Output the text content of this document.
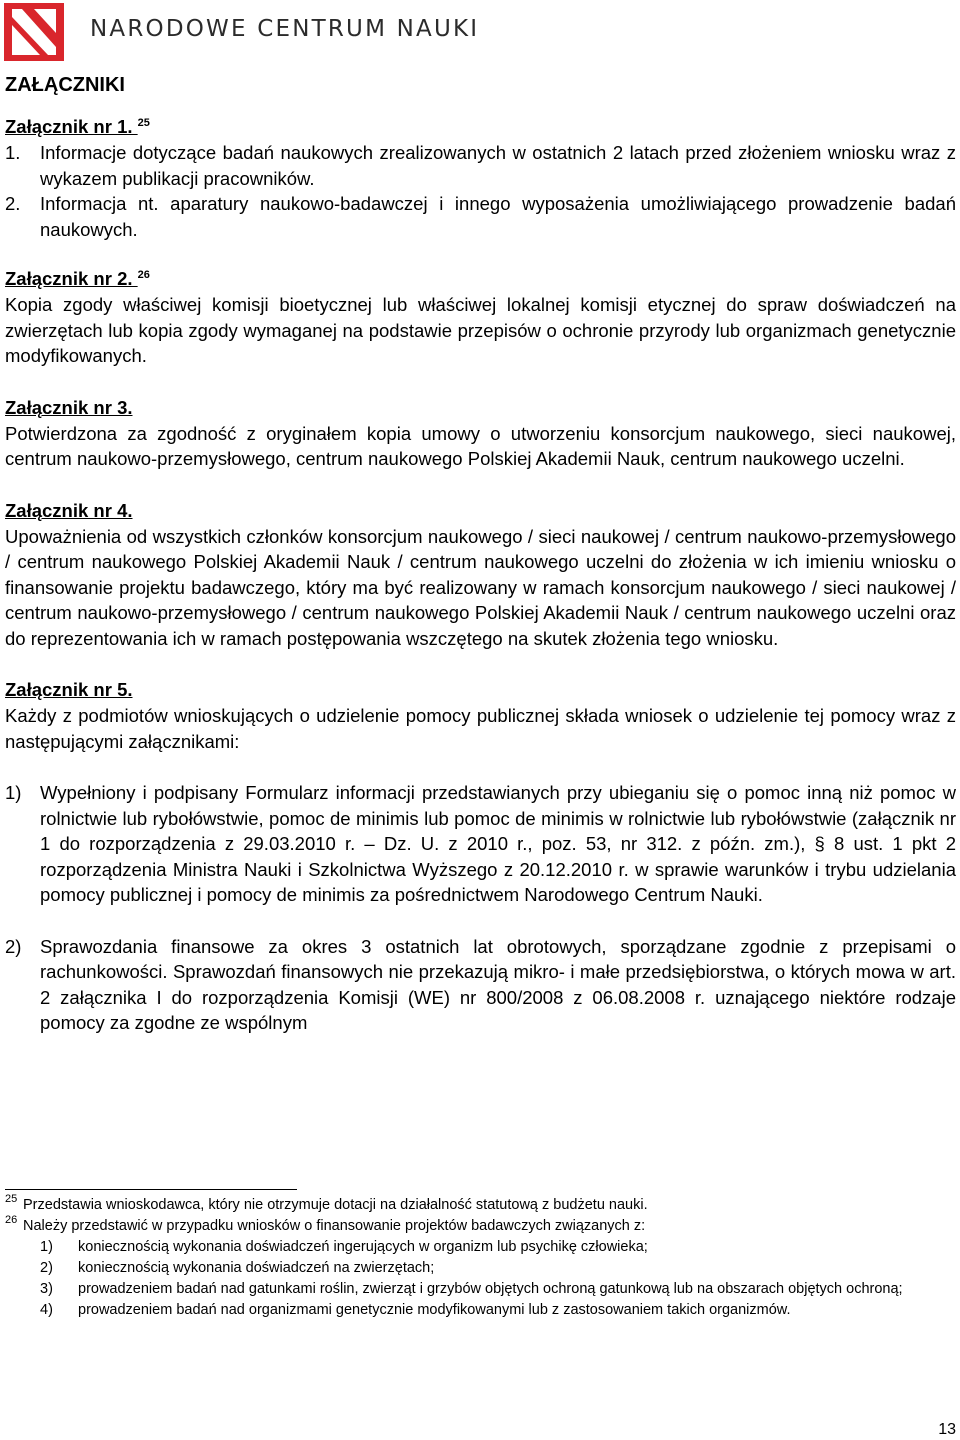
NARODOWE CENTRUM NAUKI
ZAŁĄCZNIKI
Załącznik nr 1. $^{25}$
1. Informacje dotyczące badań naukowych zrealizowanych w ostatnich 2 latach przed złożeniem wniosku wraz z wykazem publikacji pracowników.
2. Informacja nt. aparatury naukowo-badawczej i innego wyposażenia umożliwiającego prowadzenie badań naukowych.
Załącznik nr 2. $^{26}$

Kopia zgody właściwej komisji bioetycznej lub właściwej lokalnej komisji etycznej do spraw doświadczeń na zwierzętach lub kopia zgody wymaganej na podstawie przepisów o ochronie przyrody lub organizmach genetycznie modyfikowanych.

Załącznik nr 3.

Potwierdzona za zgodność z oryginałem kopia umowy o utworzeniu konsorcjum naukowego, sieci naukowej, centrum naukowo-przemysłowego, centrum naukowego Polskiej Akademii Nauk, centrum naukowego uczelni.

Załącznik nr 4.

Upoważnienia od wszystkich członków konsorcjum naukowego / sieci naukowej / centrum naukowo-przemysłowego / centrum naukowego Polskiej Akademii Nauk / centrum naukowego uczelni do złożenia w ich imieniu wniosku o finansowanie projektu badawczego, który ma być realizowany w ramach konsorcjum naukowego / sieci naukowej / centrum naukowo-przemysłowego / centrum naukowego Polskiej Akademii Nauk / centrum naukowego uczelni oraz do reprezentowania ich w ramach postępowania wszczętego na skutek złożenia tego wniosku.

Załącznik nr 5.

Każdy z podmiotów wnioskujących o udzielenie pomocy publicznej składa wniosek o udzielenie tej pomocy wraz z następującymi załącznikami:

1) Wypełniony i podpisany Formularz informacji przedstawianych przy ubieganiu się o pomoc inną niż pomoc w rolnictwie lub rybołówstwie, pomoc de minimis lub pomoc de minimis w rolnictwie lub rybołówstwie (załącznik nr 1 do rozporządzenia z 29.03.2010 r. – Dz. U. z 2010 r., poz. 53, nr 312. z późn. zm.), § 8 ust. 1 pkt 2 rozporządzenia Ministra Nauki i Szkolnictwa Wyższego z 20.12.2010 r. w sprawie warunków i trybu udzielania pomocy publicznej i pomocy de minimis za pośrednictwem Narodowego Centrum Nauki.
2) Sprawozdania finansowe za okres 3 ostatnich lat obrotowych, sporządzane zgodnie z przepisami o rachunkowości. Sprawozdań finansowych nie przekazują mikro- i małe przedsiębiorstwa, o których mowa w art. 2 załącznika I do rozporządzenia Komisji (WE) nr 800/2008 z 06.08.2008 r. uznającego niektóre rodzaje pomocy za zgodne ze wspólnym
25 Przedstawia wnioskodawca, który nie otrzymuje dotacji na działalność statutową z budżetu nauki.
26 Należy przedstawić w przypadku wniosków o finansowanie projektów badawczych związanych z:
1) koniecznością wykonania doświadczeń ingerujących w organizm lub psychikę człowieka;
2) koniecznością wykonania doświadczeń na zwierzętach;
3) prowadzeniem badań nad gatunkami roślin, zwierząt i grzybów objętych ochroną gatunkową lub na obszarach objętych ochroną;
4) prowadzeniem badań nad organizmami genetycznie modyfikowanymi lub z zastosowaniem takich organizmów.
13
